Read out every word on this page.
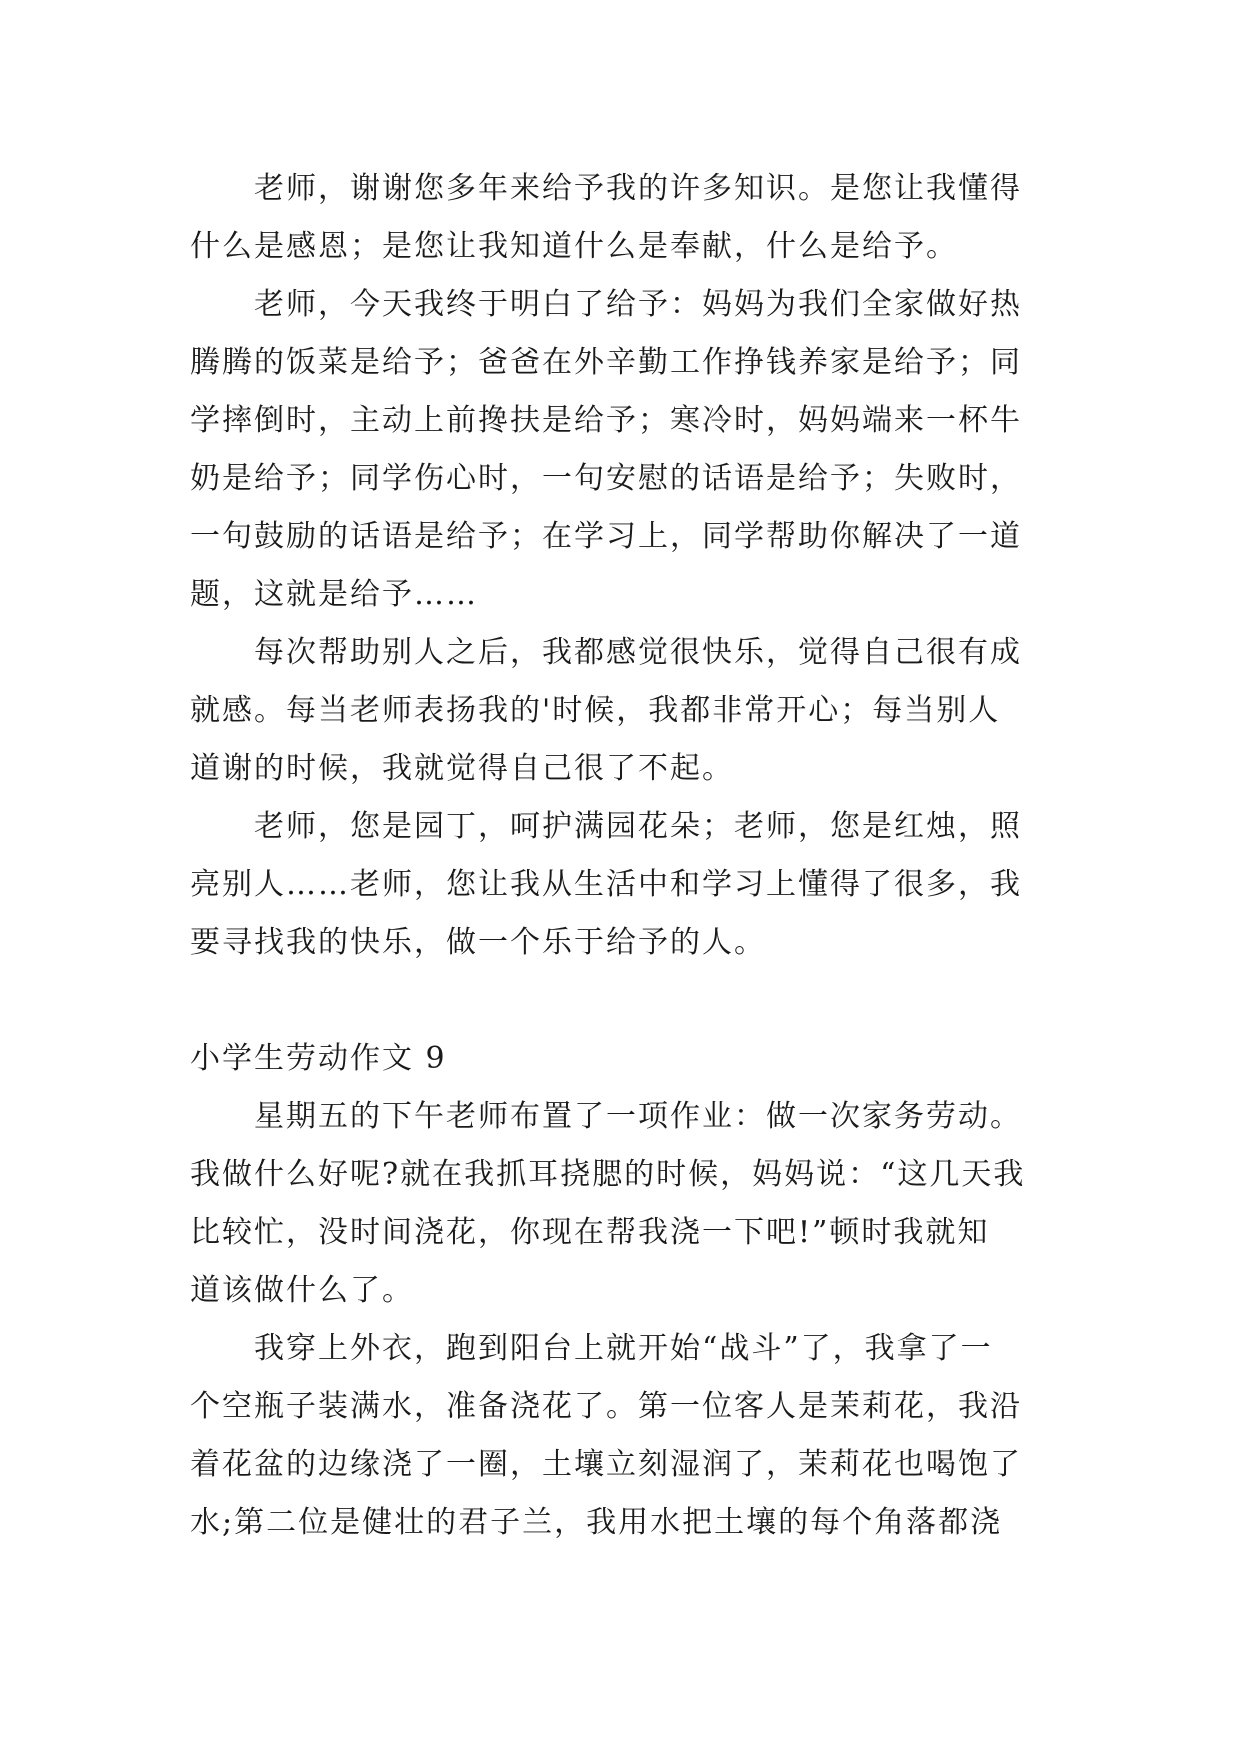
　　老师，谢谢您多年来给予我的许多知识。是您让我懂得
什么是感恩；是您让我知道什么是奉献，什么是给予。
　　老师，今天我终于明白了给予：妈妈为我们全家做好热
腾腾的饭菜是给予；爸爸在外辛勤工作挣钱养家是给予；同
学摔倒时，主动上前搀扶是给予；寒冷时，妈妈端来一杯牛
奶是给予；同学伤心时，一句安慰的话语是给予；失败时，
一句鼓励的话语是给予；在学习上，同学帮助你解决了一道
题，这就是给予……
　　每次帮助别人之后，我都感觉很快乐，觉得自己很有成
就感。每当老师表扬我的'时候，我都非常开心；每当别人
道谢的时候，我就觉得自己很了不起。
　　老师，您是园丁，呵护满园花朵；老师，您是红烛，照
亮别人……老师，您让我从生活中和学习上懂得了很多，我
要寻找我的快乐，做一个乐于给予的人。
小学生劳动作文 9
　　星期五的下午老师布置了一项作业：做一次家务劳动。
我做什么好呢?就在我抓耳挠腮的时候，妈妈说：“这几天我
比较忙，没时间浇花，你现在帮我浇一下吧!”顿时我就知
道该做什么了。
　　我穿上外衣，跑到阳台上就开始“战斗”了，我拿了一
个空瓶子装满水，准备浇花了。第一位客人是茉莉花，我沿
着花盆的边缘浇了一圈，土壤立刻湿润了，茉莉花也喝饱了
水;第二位是健壮的君子兰，我用水把土壤的每个角落都浇
